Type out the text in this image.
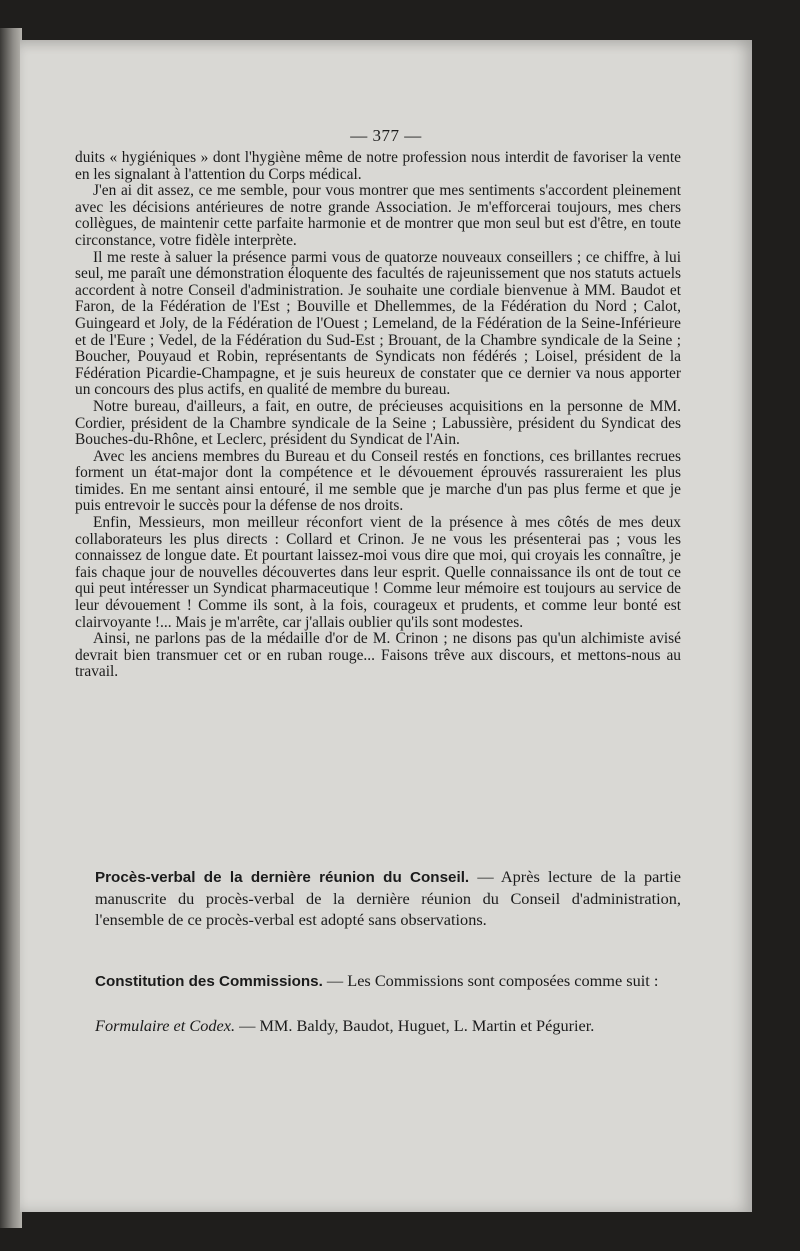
— 377 —

duits « hygiéniques » dont l'hygiène même de notre profession nous interdit de favoriser la vente en les signalant à l'attention du Corps médical.

J'en ai dit assez, ce me semble, pour vous montrer que mes sentiments s'accordent pleinement avec les décisions antérieures de notre grande Association. Je m'efforcerai toujours, mes chers collègues, de maintenir cette parfaite harmonie et de montrer que mon seul but est d'être, en toute circonstance, votre fidèle interprète.

Il me reste à saluer la présence parmi vous de quatorze nouveaux conseillers ; ce chiffre, à lui seul, me paraît une démonstration éloquente des facultés de rajeunissement que nos statuts actuels accordent à notre Conseil d'administration. Je souhaite une cordiale bienvenue à MM. Baudot et Faron, de la Fédération de l'Est ; Bouville et Dhellemmes, de la Fédération du Nord ; Calot, Guingeard et Joly, de la Fédération de l'Ouest ; Lemeland, de la Fédération de la Seine-Inférieure et de l'Eure ; Vedel, de la Fédération du Sud-Est ; Brouant, de la Chambre syndicale de la Seine ; Boucher, Pouyaud et Robin, représentants de Syndicats non fédérés ; Loisel, président de la Fédération Picardie-Champagne, et je suis heureux de constater que ce dernier va nous apporter un concours des plus actifs, en qualité de membre du bureau.

Notre bureau, d'ailleurs, a fait, en outre, de précieuses acquisitions en la personne de MM. Cordier, président de la Chambre syndicale de la Seine ; Labussière, président du Syndicat des Bouches-du-Rhône, et Leclerc, président du Syndicat de l'Ain.

Avec les anciens membres du Bureau et du Conseil restés en fonctions, ces brillantes recrues forment un état-major dont la compétence et le dévouement éprouvés rassureraient les plus timides. En me sentant ainsi entouré, il me semble que je marche d'un pas plus ferme et que je puis entrevoir le succès pour la défense de nos droits.

Enfin, Messieurs, mon meilleur réconfort vient de la présence à mes côtés de mes deux collaborateurs les plus directs : Collard et Crinon. Je ne vous les présenterai pas ; vous les connaissez de longue date. Et pourtant laissez-moi vous dire que moi, qui croyais les connaître, je fais chaque jour de nouvelles découvertes dans leur esprit. Quelle connaissance ils ont de tout ce qui peut intéresser un Syndicat pharmaceutique ! Comme leur mémoire est toujours au service de leur dévouement ! Comme ils sont, à la fois, courageux et prudents, et comme leur bonté est clairvoyante !... Mais je m'arrête, car j'allais oublier qu'ils sont modestes.

Ainsi, ne parlons pas de la médaille d'or de M. Crinon ; ne disons pas qu'un alchimiste avisé devrait bien transmuer cet or en ruban rouge... Faisons trêve aux discours, et mettons-nous au travail.

Procès-verbal de la dernière réunion du Conseil. — Après lecture de la partie manuscrite du procès-verbal de la dernière réunion du Conseil d'administration, l'ensemble de ce procès-verbal est adopté sans observations.
Constitution des Commissions. — Les Commissions sont composées comme suit :
Formulaire et Codex. — MM. Baldy, Baudot, Huguet, L. Martin et Pégurier.
